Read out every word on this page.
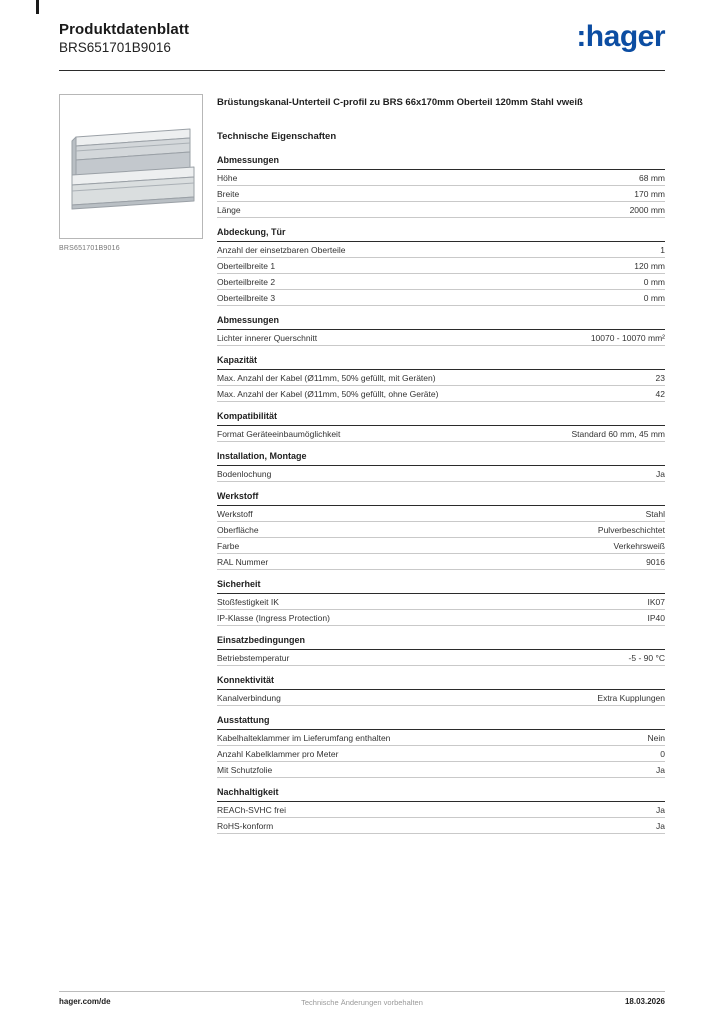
Produktdatenblatt
BRS651701B9016	:hager
BRS651701B9016
Brüstungskanal-Unterteil C-profil zu BRS 66x170mm Oberteil 120mm Stahl vweiß
Technische Eigenschaften
Abmessungen
Höhe	68 mm
Breite	170 mm
Länge	2000 mm
Abdeckung, Tür
Anzahl der einsetzbaren Oberteile	1
Oberteilbreite 1	120 mm
Oberteilbreite 2	0 mm
Oberteilbreite 3	0 mm
Abmessungen
Lichter innerer Querschnitt	10070 - 10070 mm²
Kapazität
Max. Anzahl der Kabel (Ø11mm, 50% gefüllt, mit Geräten)	23
Max. Anzahl der Kabel (Ø11mm, 50% gefüllt, ohne Geräte)	42
Kompatibilität
Format Geräteeinbaumöglichkeit	Standard 60 mm, 45 mm
Installation, Montage
Bodenlochung	Ja
Werkstoff
Werkstoff	Stahl
Oberfläche	Pulverbeschichtet
Farbe	Verkehrsweiß
RAL Nummer	9016
Sicherheit
Stoßfestigkeit IK	IK07
IP-Klasse (Ingress Protection)	IP40
Einsatzbedingungen
Betriebstemperatur	-5 - 90 °C
Konnektivität
Kanalverbindung	Extra Kupplungen
Ausstattung
Kabelhalteklammer im Lieferumfang enthalten	Nein
Anzahl Kabelklammer pro Meter	0
Mit Schutzfolie	Ja
Nachhaltigkeit
REACh-SVHC frei	Ja
RoHS-konform	Ja
hager.com/de	Technische Änderungen vorbehalten	18.03.2026
